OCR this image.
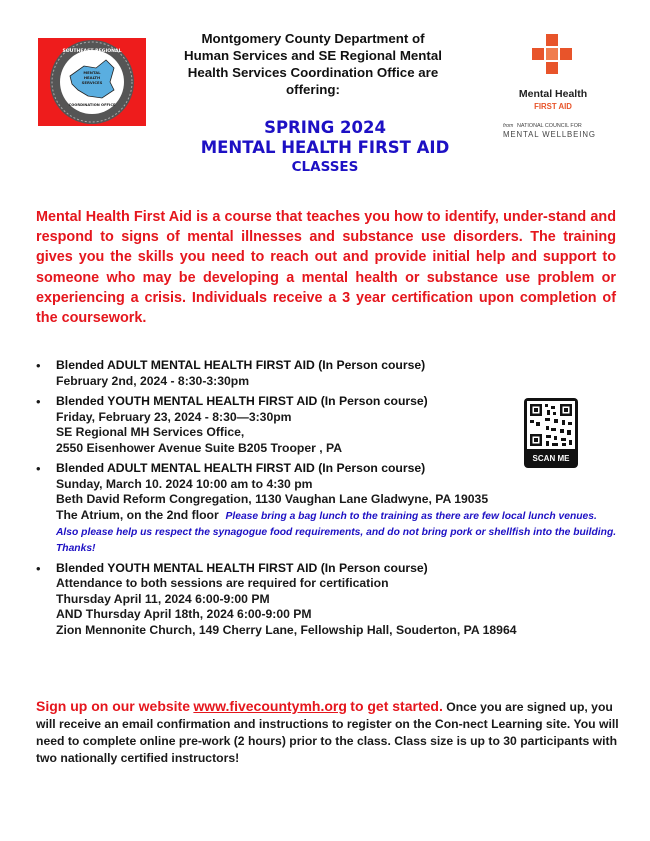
SOUTHEAST REGIONAL
MENTAL
HEALTH
SERVICES
COORDINATION OFFICE
Montgomery County Department of
Human Services and SE Regional Mental
Health Services Coordination Office are
offering:	Mental Health
FIRST AID
from NATIONAL COUNCIL FOR
MENTAL WELLBEING
SPRING 2024
MENTAL HEALTH FIRST AID
CLASSES
Mental Health First Aid is a course that teaches you how to identify, under-stand and respond to signs of mental illnesses and substance use disorders. The training gives you the skills you need to reach out and provide initial help and support to someone who may be developing a mental health or substance use problem or experiencing a crisis. Individuals receive a 3 year certification upon completion of the coursework.
• Blended ADULT MENTAL HEALTH FIRST AID (In Person course)
February 2nd, 2024 - 8:30-3:30pm
• Blended YOUTH MENTAL HEALTH FIRST AID (In Person course)
Friday, February 23, 2024 - 8:30—3:30pm
SE Regional MH Services Office,
2550 Eisenhower Avenue Suite B205 Trooper , PA
• Blended ADULT MENTAL HEALTH FIRST AID (In Person course)
Sunday, March 10. 2024 10:00 am to 4:30 pm
Beth David Reform Congregation, 1130 Vaughan Lane Gladwyne, PA 19035
The Atrium, on the 2nd floor Please bring a bag lunch to the training as there are few local lunch venues. Also please help us respect the synagogue food requirements, and do not bring pork or shellfish into the building. Thanks!
• Blended YOUTH MENTAL HEALTH FIRST AID (In Person course)
Attendance to both sessions are required for certification
Thursday April 11, 2024 6:00-9:00 PM
AND Thursday April 18th, 2024 6:00-9:00 PM
Zion Mennonite Church, 149 Cherry Lane, Fellowship Hall, Souderton, PA 18964
SCAN ME
Sign up on our website www.fivecountymh.org to get started. Once you are signed up, you will receive an email confirmation and instructions to register on the Con-nect Learning site. You will need to complete online pre-work (2 hours) prior to the class. Class size is up to 30 participants with two nationally certified instructors!
